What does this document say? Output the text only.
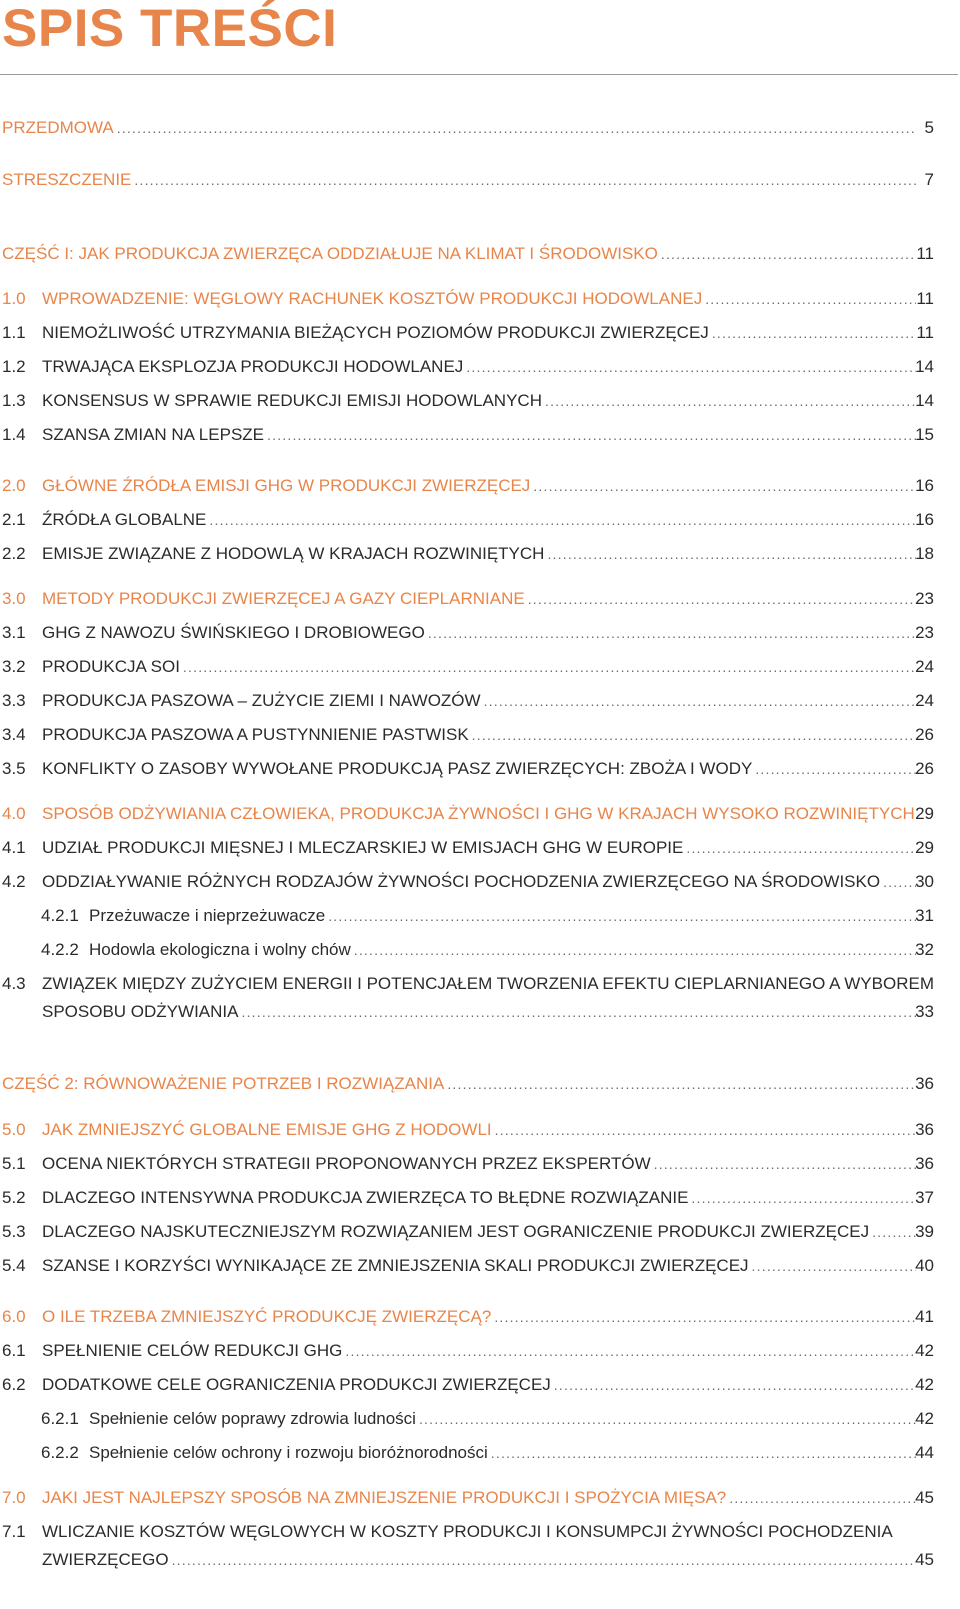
SPIS TREŚCI
PRZEDMOWA .....	5
STRESZCZENIE .....	7
CZĘŚĆ I: JAK PRODUKCJA ZWIERZĘCA ODDZIAŁUJE NA KLIMAT I ŚRODOWISKO .....	11
1.0 WPROWADZENIE: WĘGLOWY RACHUNEK KOSZTÓW PRODUKCJI HODOWLANEJ .....	11
1.1 NIEMOŻLIWOŚĆ UTRZYMANIA BIEŻĄCYCH POZIOMÓW PRODUKCJI ZWIERZĘCEJ .....	11
1.2 TRWAJĄCA EKSPLOZJA PRODUKCJI HODOWLANEJ .....	14
1.3 KONSENSUS W SPRAWIE REDUKCJI EMISJI HODOWLANYCH .....	14
1.4 SZANSA ZMIAN NA LEPSZE .....	15
2.0 GŁÓWNE ŹRÓDŁA EMISJI GHG W PRODUKCJI ZWIERZĘCEJ .....	16
2.1 ŹRÓDŁA GLOBALNE .....	16
2.2 EMISJE ZWIĄZANE Z HODOWLĄ W KRAJACH ROZWINIĘTYCH .....	18
3.0 METODY PRODUKCJI ZWIERZĘCEJ A GAZY CIEPLARNIANE .....	23
3.1 GHG Z NAWOZU ŚWIŃSKIEGO I DROBIOWEGO .....	23
3.2 PRODUKCJA SOI .....	24
3.3 PRODUKCJA PASZOWA – ZUŻYCIE ZIEMI I NAWOZÓW .....	24
3.4 PRODUKCJA PASZOWA A PUSTYNNIENIE PASTWISK .....	26
3.5 KONFLIKTY O ZASOBY WYWOŁANE PRODUKCJĄ PASZ ZWIERZĘCYCH: ZBOŻA I WODY .....	26
4.0 SPOSÓB ODŻYWIANIA CZŁOWIEKA, PRODUKCJA ŻYWNOŚCI I GHG W KRAJACH WYSOKO ROZWINIĘTYCH 29
4.1 UDZIAŁ PRODUKCJI MIĘSNEJ I MLECZARSKIEJ W EMISJACH GHG W EUROPIE .....	29
4.2 ODDZIAŁYWANIE RÓŻNYCH RODZAJÓW ŻYWNOŚCI POCHODZENIA ZWIERZĘCEGO NA ŚRODOWISKO ..... 30
4.2.1 Przeżuwacze i nieprzeżuwacze .....	31
4.2.2 Hodowla ekologiczna i wolny chów .....	32
4.3 ZWIĄZEK MIĘDZY ZUŻYCIEM ENERGII I POTENCJAŁEM TWORZENIA EFEKTU CIEPLARNIANEGO A WYBOREM
SPOSOBU ODŻYWIANIA .....	33
CZĘŚĆ 2: RÓWNOWAŻENIE POTRZEB I ROZWIĄZANIA .....	36
5.0 JAK ZMNIEJSZYĆ GLOBALNE EMISJE GHG Z HODOWLI .....	36
5.1 OCENA NIEKTÓRYCH STRATEGII PROPONOWANYCH PRZEZ EKSPERTÓW .....	36
5.2 DLACZEGO INTENSYWNA PRODUKCJA ZWIERZĘCA TO BŁĘDNE ROZWIĄZANIE .....	37
5.3 DLACZEGO NAJSKUTECZNIEJSZYM ROZWIĄZANIEM JEST OGRANICZENIE PRODUKCJI ZWIERZĘCEJ .....	39
5.4 SZANSE I KORZYŚCI WYNIKAJĄCE ZE ZMNIEJSZENIA SKALI PRODUKCJI ZWIERZĘCEJ .....	40
6.0 O ILE TRZEBA ZMNIEJSZYĆ PRODUKCJĘ ZWIERZĘCĄ? .....	41
6.1 SPEŁNIENIE CELÓW REDUKCJI GHG .....	42
6.2 DODATKOWE CELE OGRANICZENIA PRODUKCJI ZWIERZĘCEJ .....	42
6.2.1 Spełnienie celów poprawy zdrowia ludności .....	42
6.2.2 Spełnienie celów ochrony i rozwoju bioróżnorodności .....	44
7.0 JAKI JEST NAJLEPSZY SPOSÓB NA ZMNIEJSZENIE PRODUKCJI I SPOŻYCIA MIĘSA? .....	45
7.1 WLICZANIE KOSZTÓW WĘGLOWYCH W KOSZTY PRODUKCJI I KONSUMPCJI ŻYWNOŚCI POCHODZENIA
ZWIERZĘCEGO .....	45
